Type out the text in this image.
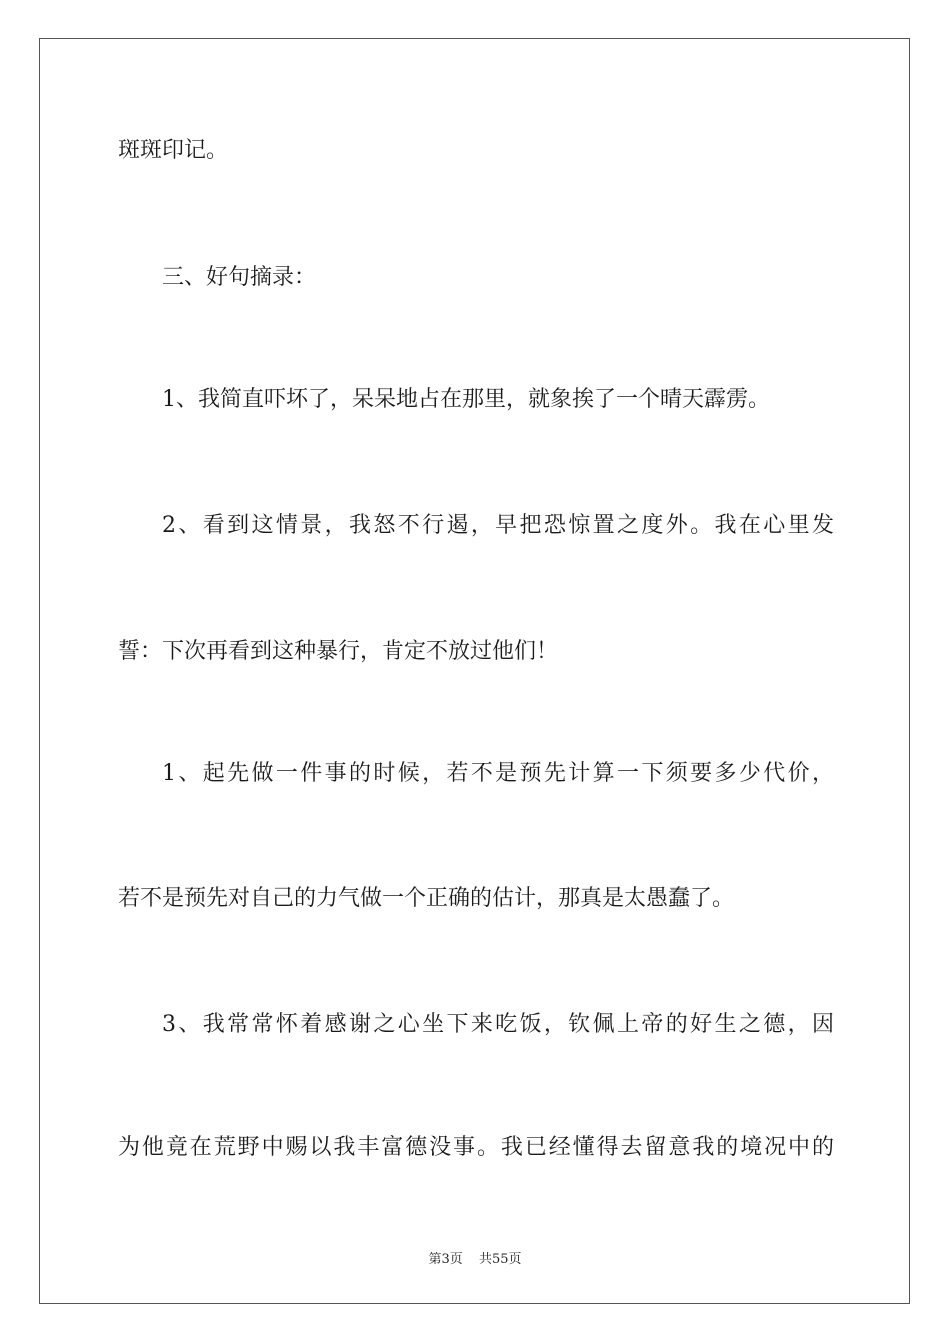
斑斑印记。
三、好句摘录：
1、我简直吓坏了，呆呆地占在那里，就象挨了一个晴天霹雳。
2、看到这情景，我怒不行遏，早把恐惊置之度外。我在心里发
誓：下次再看到这种暴行，肯定不放过他们！
1、起先做一件事的时候，若不是预先计算一下须要多少代价，
若不是预先对自己的力气做一个正确的估计，那真是太愚蠢了。
3、我常常怀着感谢之心坐下来吃饭，钦佩上帝的好生之德，因
为他竟在荒野中赐以我丰富德没事。我已经懂得去留意我的境况中的
第3页 共55页
